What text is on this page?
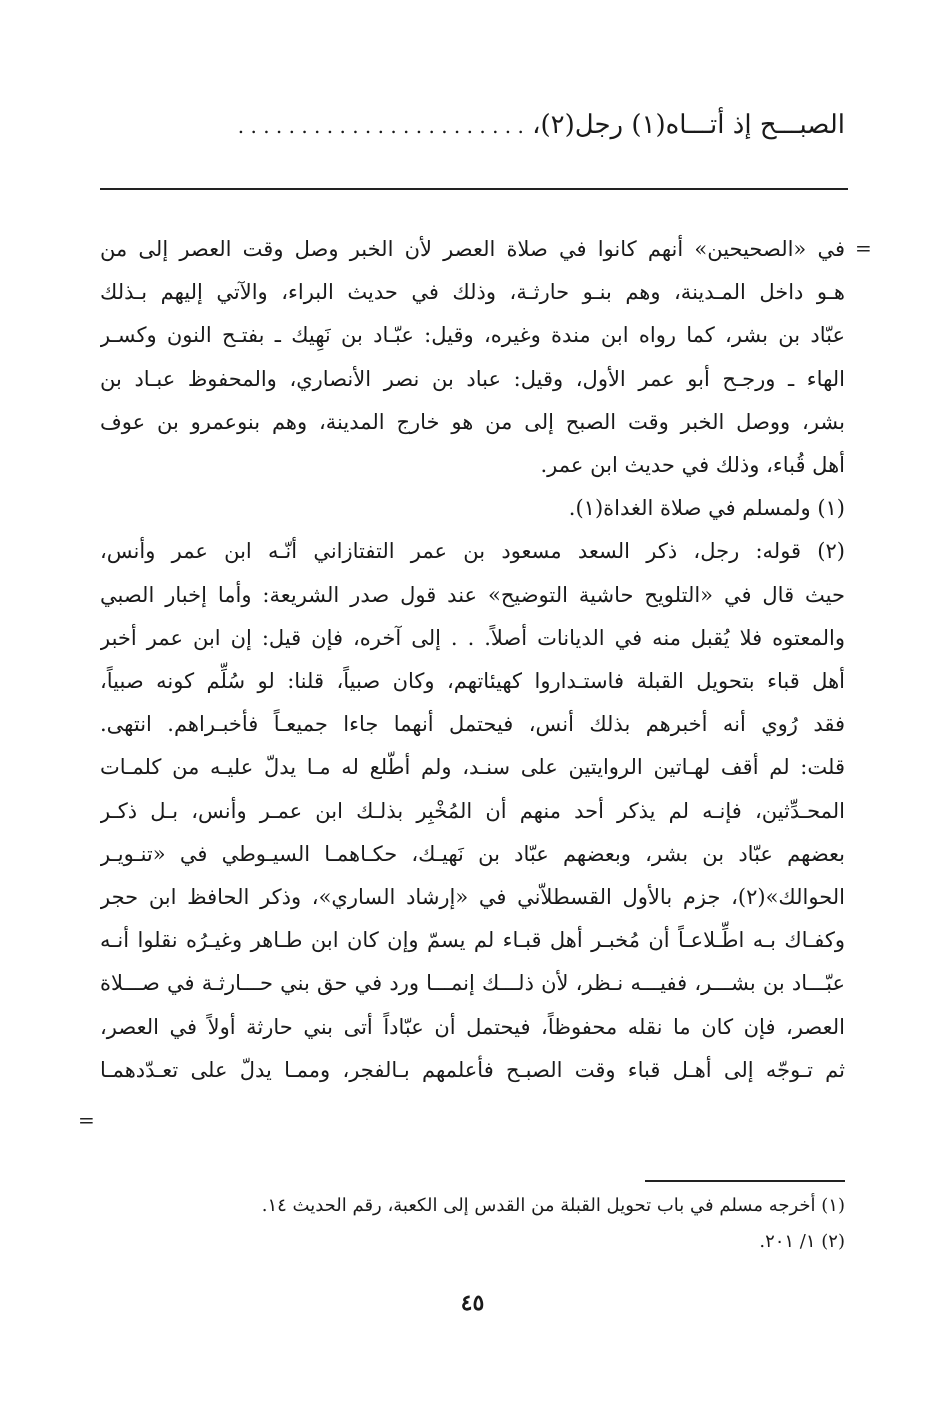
الصبـــح إذ أتـــاه(١) رجل(٢)، . . . . . . . . . . . . . . . . . . . . . . .
=
في «الصحيحين» أنهم كانوا في صلاة العصر لأن الخبر وصل وقت العصر إلى من
هـو داخل المـدينة، وهم بنـو حارثـة، وذلك في حديث البراء، والآتي إليهم بـذلك
عبّاد بن بشر، كما رواه ابن مندة وغيره، وقيل: عبّـاد بن نَهِيك ـ بفتـح النون وكسـر
الهاء ـ ورجـح أبو عمر الأول، وقيل: عباد بن نصر الأنصاري، والمحفوظ عبـاد بن
بشر، ووصل الخبر وقت الصبح إلى من هو خارج المدينة، وهم بنوعمرو بن عوف
أهل قُباء، وذلك في حديث ابن عمر.
(١) ولمسلم في صلاة الغداة(١).
(٢) قوله: رجل، ذكر السعد مسعود بن عمر التفتازاني أنّـه ابن عمر وأنس،
حيث قال في «التلويح حاشية التوضيح» عند قول صدر الشريعة: وأما إخبار الصبي
والمعتوه فلا يُقبل منه في الديانات أصلاً. . . إلى آخره، فإن قيل: إن ابن عمر أخبر
أهل قباء بتحويل القبلة فاستـداروا كهيئاتهم، وكان صبياً، قلنا: لو سُلِّم كونه صبياً،
فقد رُوي أنه أخبرهم بذلك أنس، فيحتمل أنهما جاءا جميعـاً فأخبـراهم. انتهى.
قلت: لم أقف لهـاتين الروايتين على سنـد، ولم أطّلع له مـا يدلّ عليـه من كلمـات
المحـدِّثين، فإنـه لم يذكر أحد منهم أن المُخْبِر بذلـك ابن عمـر وأنس، بـل ذكـر
بعضهم عبّاد بن بشر، وبعضهم عبّاد بن نَهيـك، حكـاهمـا السيـوطي في «تنـويـر
الحوالك»(٢)، جزم بالأول القسطلاّني في «إرشاد الساري»، وذكر الحافظ ابن حجر
وكفـاك بـه اطِّـلاعـاً أن مُخبـر أهل قبـاء لم يسمّ وإن كان ابن طـاهر وغيـرُه نقلوا أنـه
عبّـــاد بن بشـــر، ففيـــه نـظر، لأن ذلـــك إنمـــا ورد في حق بني حـــارثـة في صـــلاة
العصر، فإن كان ما نقله محفوظاً، فيحتمل أن عبّاداً أتى بني حارثة أولاً في العصر،
ثم تـوجّه إلى أهـل قباء وقت الصبـح فأعلمهم بـالفجر، وممـا يدلّ على تعـدّدهمـا
=
(١) أخرجه مسلم في باب تحويل القبلة من القدس إلى الكعبة، رقم الحديث ١٤.
(٢) ١/ ٢٠١.
٤٥
